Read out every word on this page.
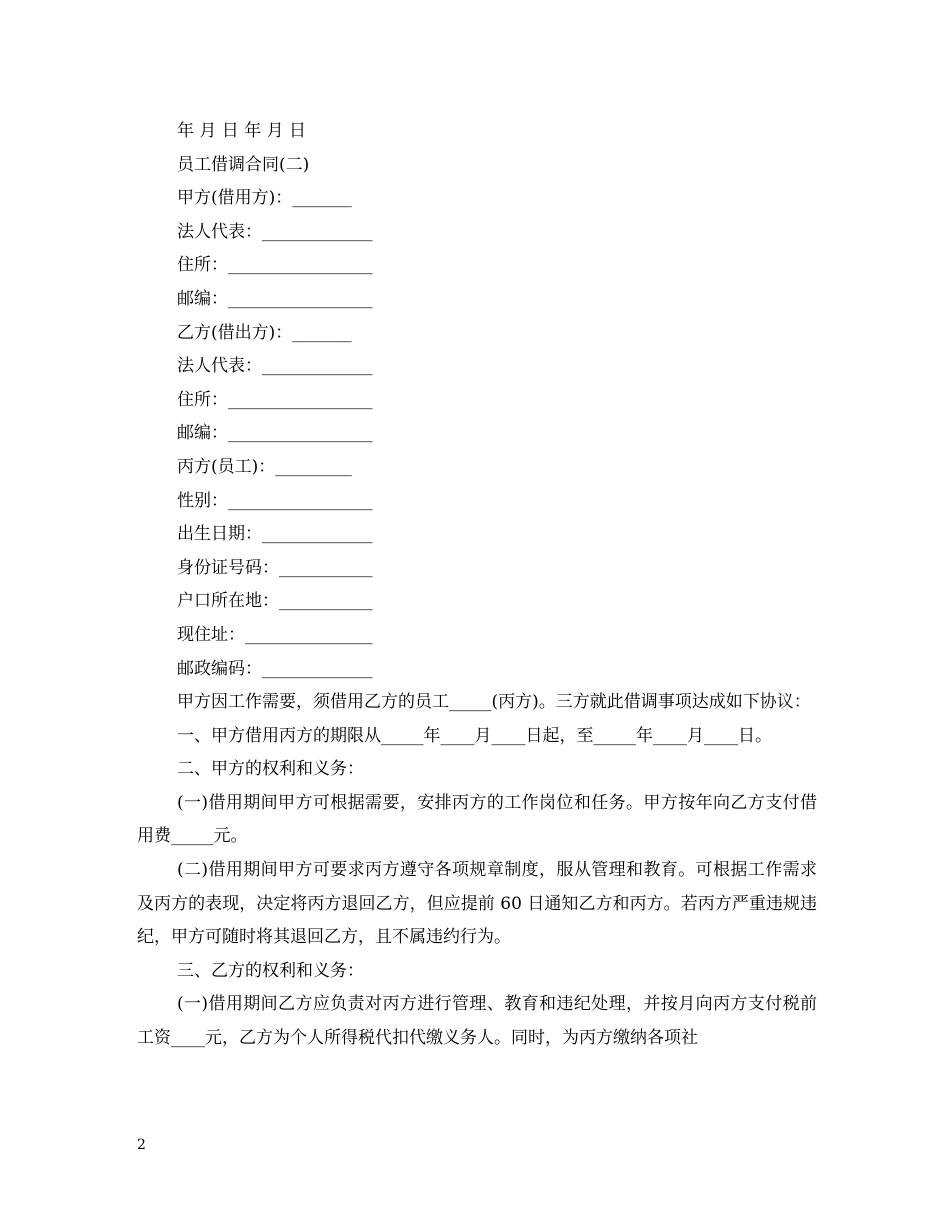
年 月 日 年 月 日
员工借调合同(二)
甲方(借用方)：_______
法人代表：_____________
住所：_________________
邮编：_________________
乙方(借出方)：_______
法人代表：_____________
住所：_________________
邮编：_________________
丙方(员工)：_________
性别：_________________
出生日期：_____________
身份证号码：___________
户口所在地：___________
现住址：_______________
邮政编码：_____________
甲方因工作需要，须借用乙方的员工_____(丙方)。三方就此借调事项达成如下协议：
一、甲方借用丙方的期限从_____年____月____日起，至_____年____月____日。
二、甲方的权利和义务：
(一)借用期间甲方可根据需要，安排丙方的工作岗位和任务。甲方按年向乙方支付借用费_____元。
(二)借用期间甲方可要求丙方遵守各项规章制度，服从管理和教育。可根据工作需求及丙方的表现，决定将丙方退回乙方，但应提前 60 日通知乙方和丙方。若丙方严重违规违纪，甲方可随时将其退回乙方，且不属违约行为。
三、乙方的权利和义务：
(一)借用期间乙方应负责对丙方进行管理、教育和违纪处理，并按月向丙方支付税前工资____元，乙方为个人所得税代扣代缴义务人。同时，为丙方缴纳各项社
2
